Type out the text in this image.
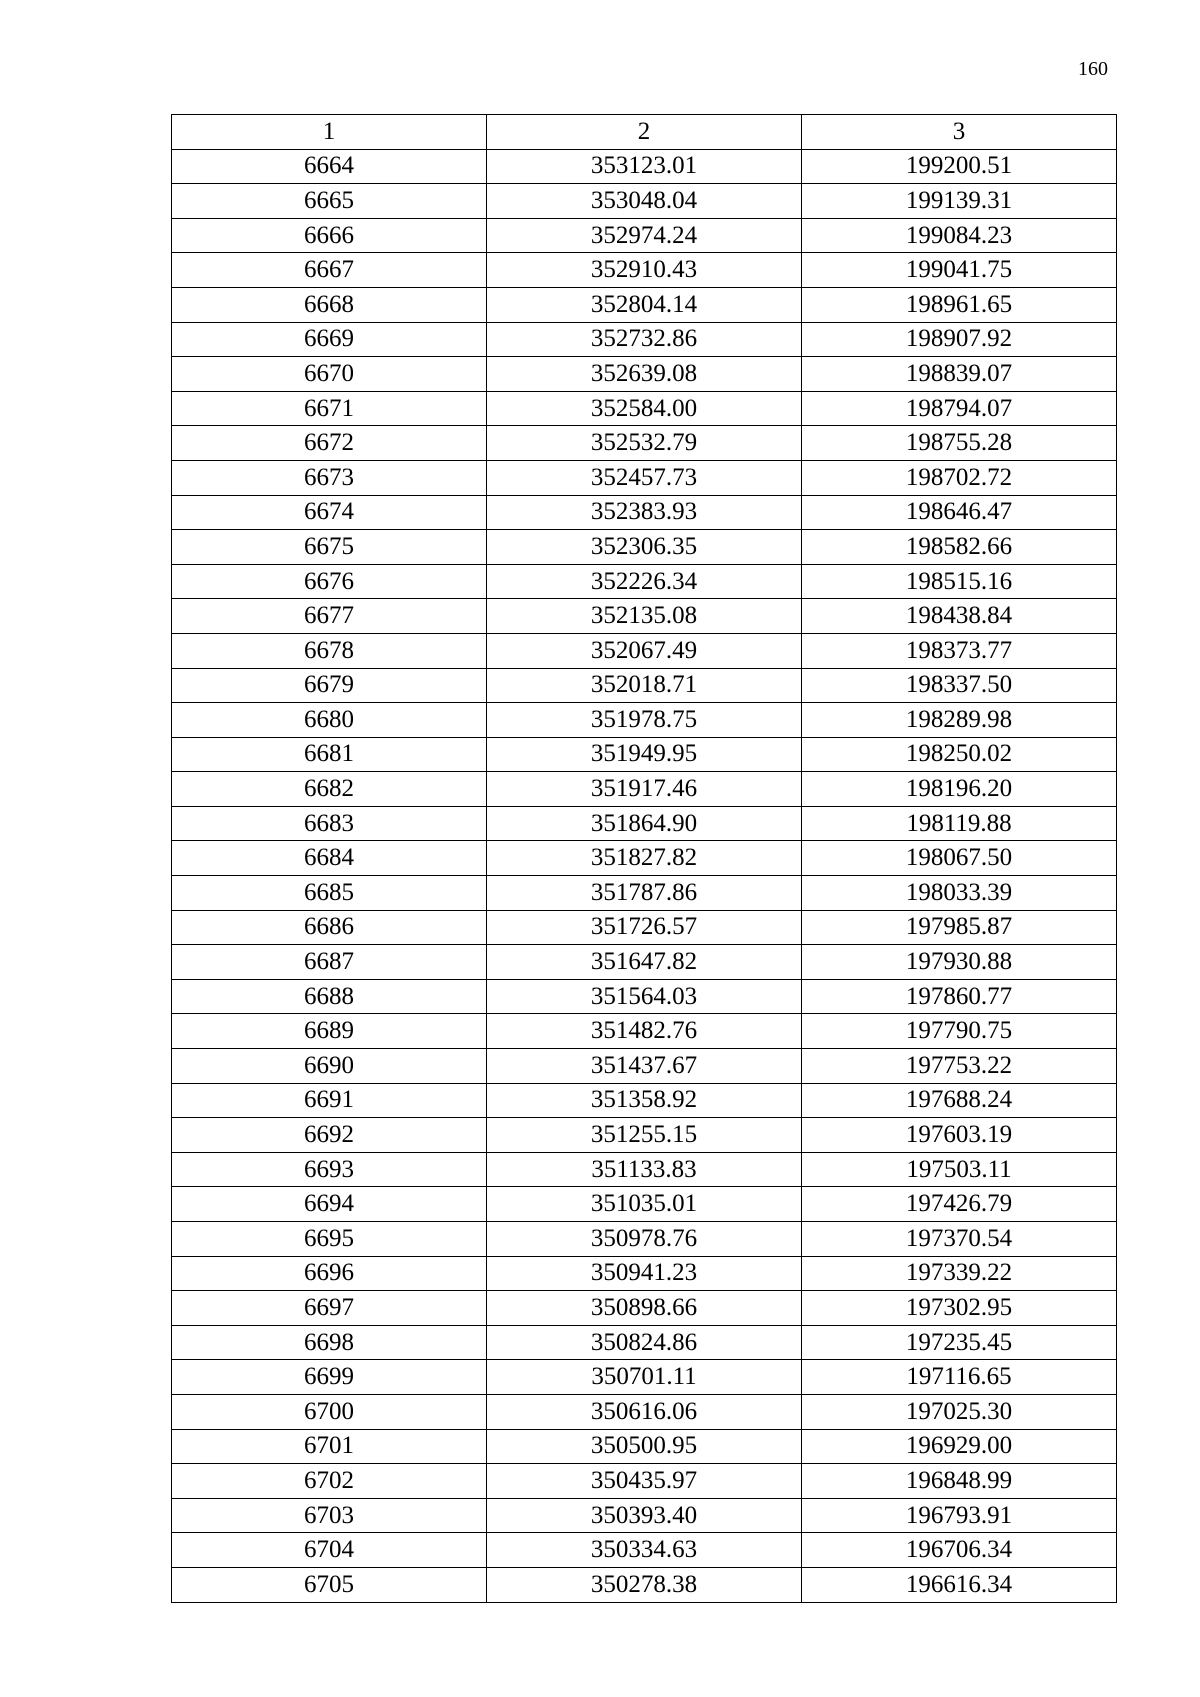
160
1	2	3
6664	353123.01	199200.51
6665	353048.04	199139.31
6666	352974.24	199084.23
6667	352910.43	199041.75
6668	352804.14	198961.65
6669	352732.86	198907.92
6670	352639.08	198839.07
6671	352584.00	198794.07
6672	352532.79	198755.28
6673	352457.73	198702.72
6674	352383.93	198646.47
6675	352306.35	198582.66
6676	352226.34	198515.16
6677	352135.08	198438.84
6678	352067.49	198373.77
6679	352018.71	198337.50
6680	351978.75	198289.98
6681	351949.95	198250.02
6682	351917.46	198196.20
6683	351864.90	198119.88
6684	351827.82	198067.50
6685	351787.86	198033.39
6686	351726.57	197985.87
6687	351647.82	197930.88
6688	351564.03	197860.77
6689	351482.76	197790.75
6690	351437.67	197753.22
6691	351358.92	197688.24
6692	351255.15	197603.19
6693	351133.83	197503.11
6694	351035.01	197426.79
6695	350978.76	197370.54
6696	350941.23	197339.22
6697	350898.66	197302.95
6698	350824.86	197235.45
6699	350701.11	197116.65
6700	350616.06	197025.30
6701	350500.95	196929.00
6702	350435.97	196848.99
6703	350393.40	196793.91
6704	350334.63	196706.34
6705	350278.38	196616.34
